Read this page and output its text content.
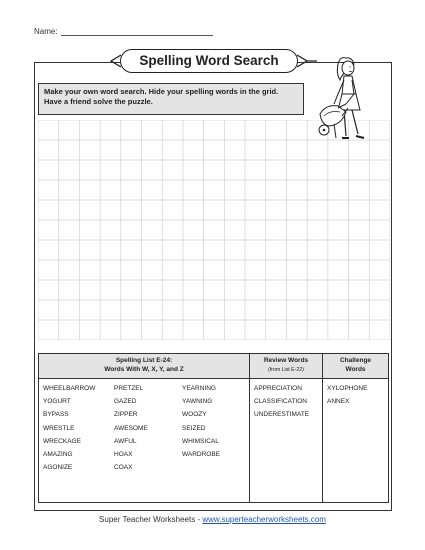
Name:
Spelling Word Search
Make your own word search. Hide your spelling words in the grid. Have a friend solve the puzzle.
Spelling List E-24:
Words With W, X, Y, and Z
Review Words
(from List E-22)
Challenge
Words
WHEELBARROW	PRETZEL	YEARNING
YOGURT	GAZED	YAWNING
BYPASS	ZIPPER	WOOZY
WRESTLE	AWESOME	SEIZED
WRECKAGE	AWFUL	WHIMSICAL
AMAZING	HOAX	WARDROBE
AGONIZE	COAX
APPRECIATION
CLASSIFICATION
UNDERESTIMATE
XYLOPHONE
ANNEX
Super Teacher Worksheets - www.superteacherworksheets.com
